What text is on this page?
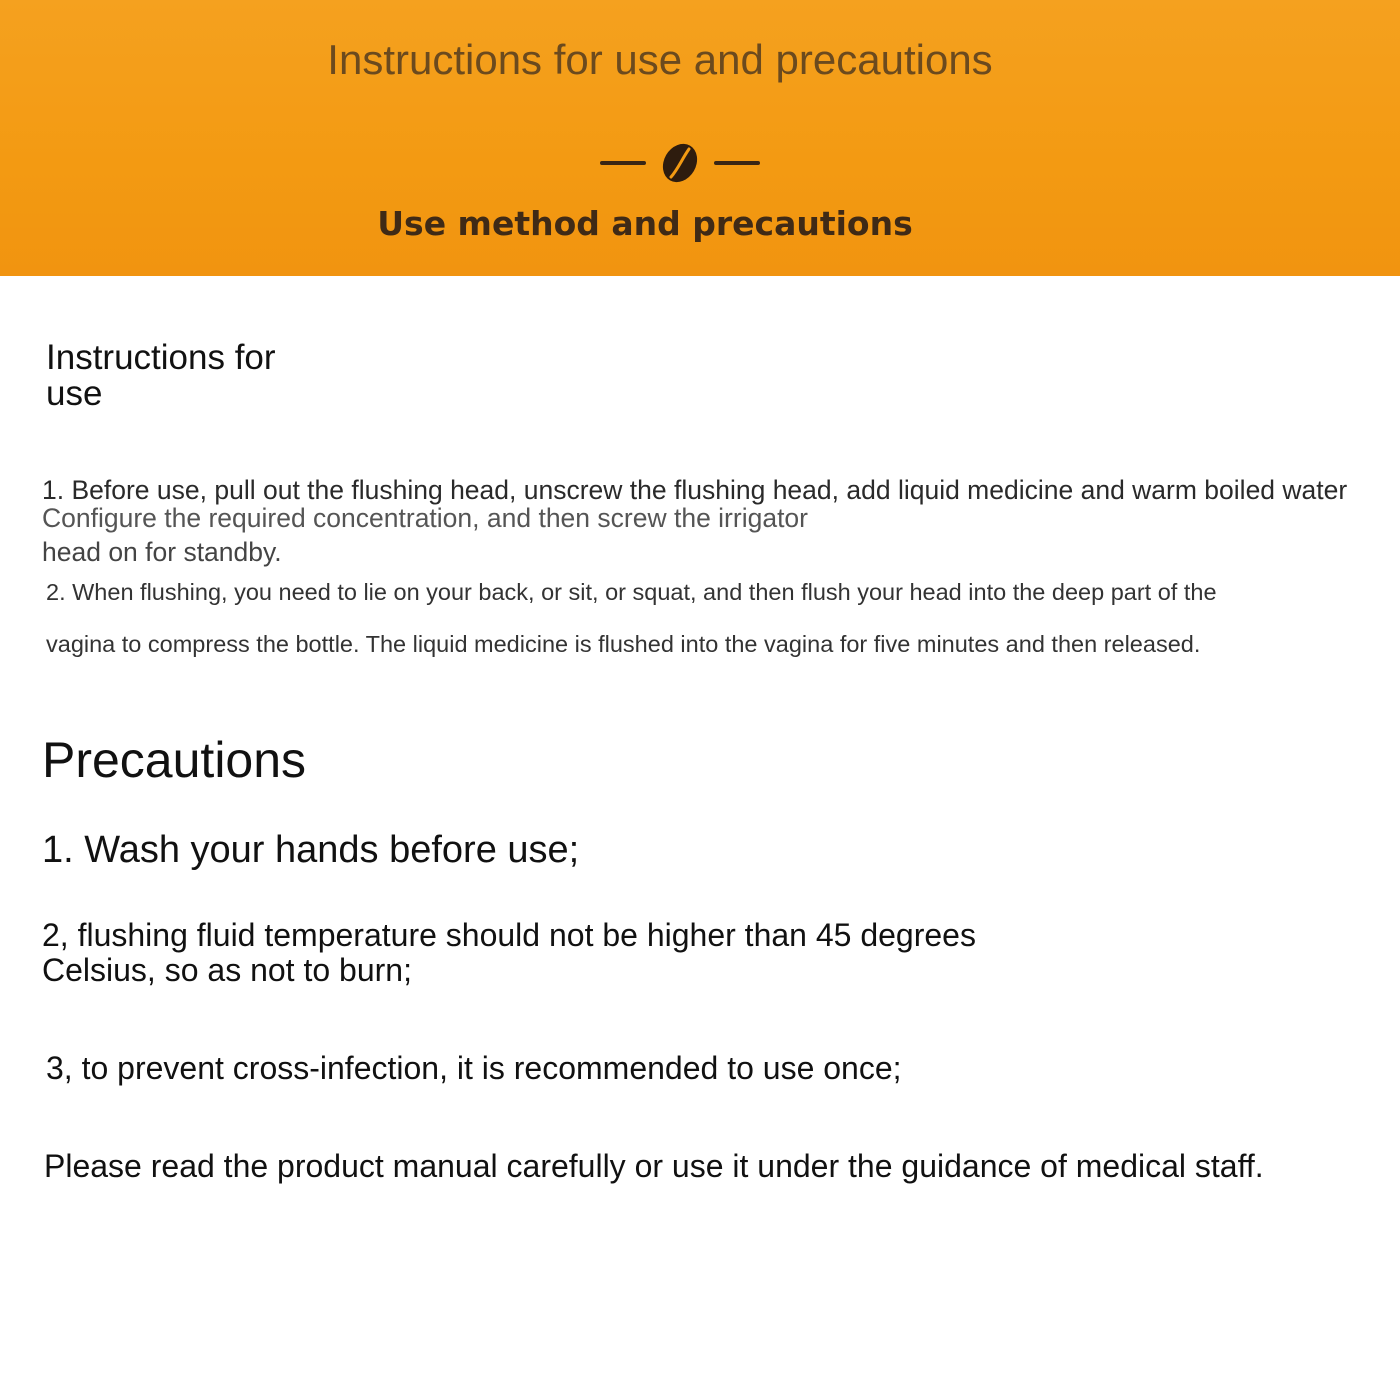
Instructions for use and precautions
Use method and precautions
Instructions for use

1. Before use, pull out the flushing head, unscrew the flushing head, add liquid medicine and warm boiled water
Configure the required concentration, and then screw the irrigator
head on for standby.

2. When flushing, you need to lie on your back, or sit, or squat, and then flush your head into the deep part of the
vagina to compress the bottle. The liquid medicine is flushed into the vagina for five minutes and then released.

Precautions

1. Wash your hands before use;

2, flushing fluid temperature should not be higher than 45 degrees Celsius, so as not to burn;

3, to prevent cross-infection, it is recommended to use once;

Please read the product manual carefully or use it under the guidance of medical staff.
